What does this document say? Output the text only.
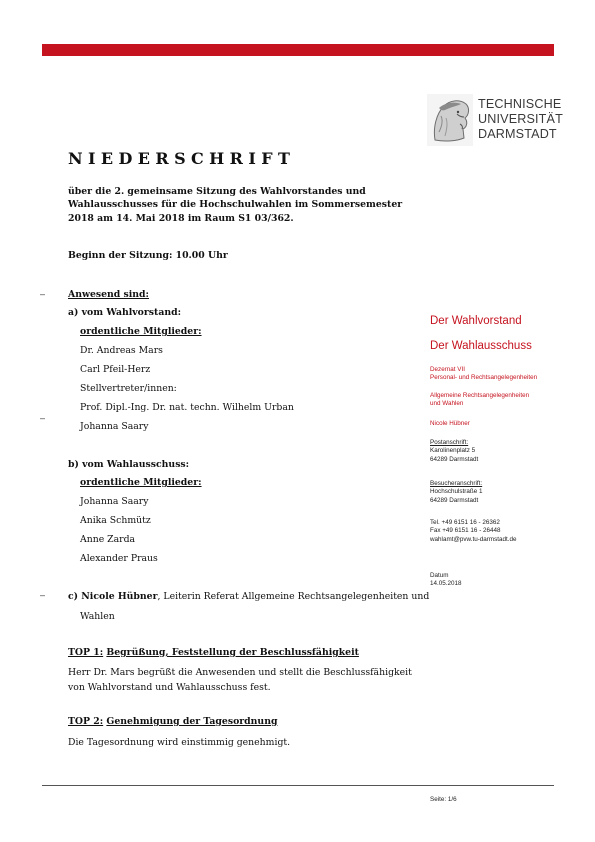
TECHNISCHE
UNIVERSITÄT
DARMSTADT
NIEDERSCHRIFT
über die 2. gemeinsame Sitzung des Wahlvorstandes und Wahlausschusses für die Hochschulwahlen im Sommersemester 2018 am 14. Mai 2018 im Raum S1 03/362.
Beginn der Sitzung: 10.00 Uhr
–
–
–
Anwesend sind:
a) vom Wahlvorstand:
ordentliche Mitglieder:
Dr. Andreas Mars
Carl Pfeil-Herz
Stellvertreter/innen:
Prof. Dipl.-Ing. Dr. nat. techn. Wilhelm Urban
Johanna Saary
b) vom Wahlausschuss:
ordentliche Mitglieder:
Johanna Saary
Anika Schmütz
Anne Zarda
Alexander Praus
c) Nicole Hübner, Leiterin Referat Allgemeine Rechtsangelegenheiten und
Wahlen
TOP 1: Begrüßung, Feststellung der Beschlussfähigkeit
Herr Dr. Mars begrüßt die Anwesenden und stellt die Beschlussfähigkeit von Wahlvorstand und Wahlausschuss fest.
TOP 2: Genehmigung der Tagesordnung
Die Tagesordnung wird einstimmig genehmigt.
Der Wahlvorstand
Der Wahlausschuss
Dezernat VII
Personal- und Rechtsangelegenheiten
Allgemeine Rechtsangelegenheiten
und Wahlen
Nicole Hübner
Postanschrift:
Karolinenplatz 5
64289 Darmstadt
Besucheranschrift:
Hochschulstraße 1
64289 Darmstadt
Tel. +49 6151 16 - 26362
Fax +49 6151 16 - 26448
wahlamt@pvw.tu-darmstadt.de
Datum
14.05.2018
Seite: 1/6
